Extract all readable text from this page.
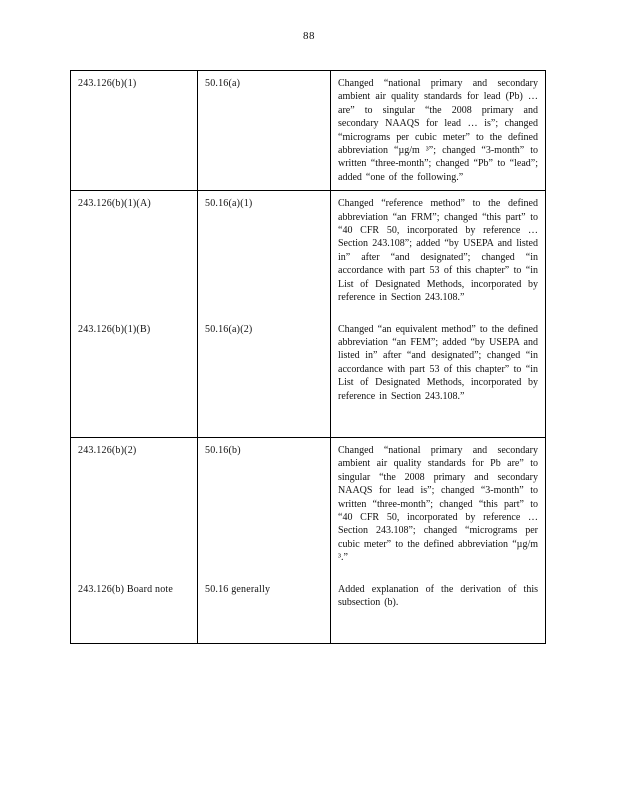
88
243.126(b)(1)	50.16(a)	Changed “national primary and secondary ambient air quality standards for lead (Pb) … are” to singular “the 2008 primary and secondary NAAQS for lead … is”; changed “micrograms per cubic meter” to the defined abbreviation “µg/m ³”; changed “3-month” to written “three-month”; changed “Pb” to “lead”; added “one of the following.”

243.126(b)(1)(A)	50.16(a)(1)	Changed “reference method” to the defined abbreviation “an FRM”; changed “this part” to “40 CFR 50, incorporated by reference … Section 243.108”; added “by USEPA and listed in” after “and designated”; changed “in accordance with part 53 of this chapter” to “in List of Designated Methods, incorporated by reference in Section 243.108.”

243.126(b)(1)(B)	50.16(a)(2)	Changed “an equivalent method” to the defined abbreviation “an FEM”; added “by USEPA and listed in” after “and designated”; changed “in accordance with part 53 of this chapter” to “in List of Designated Methods, incorporated by reference in Section 243.108.”

243.126(b)(2)	50.16(b)	Changed “national primary and secondary ambient air quality standards for Pb are” to singular “the 2008 primary and secondary NAAQS for lead is”; changed “3-month” to written “three-month”; changed “this part” to “40 CFR 50, incorporated by reference … Section 243.108”; changed “micrograms per cubic meter” to the defined abbreviation “µg/m ³.”

243.126(b) Board note	50.16 generally	Added explanation of the derivation of this subsection (b).
